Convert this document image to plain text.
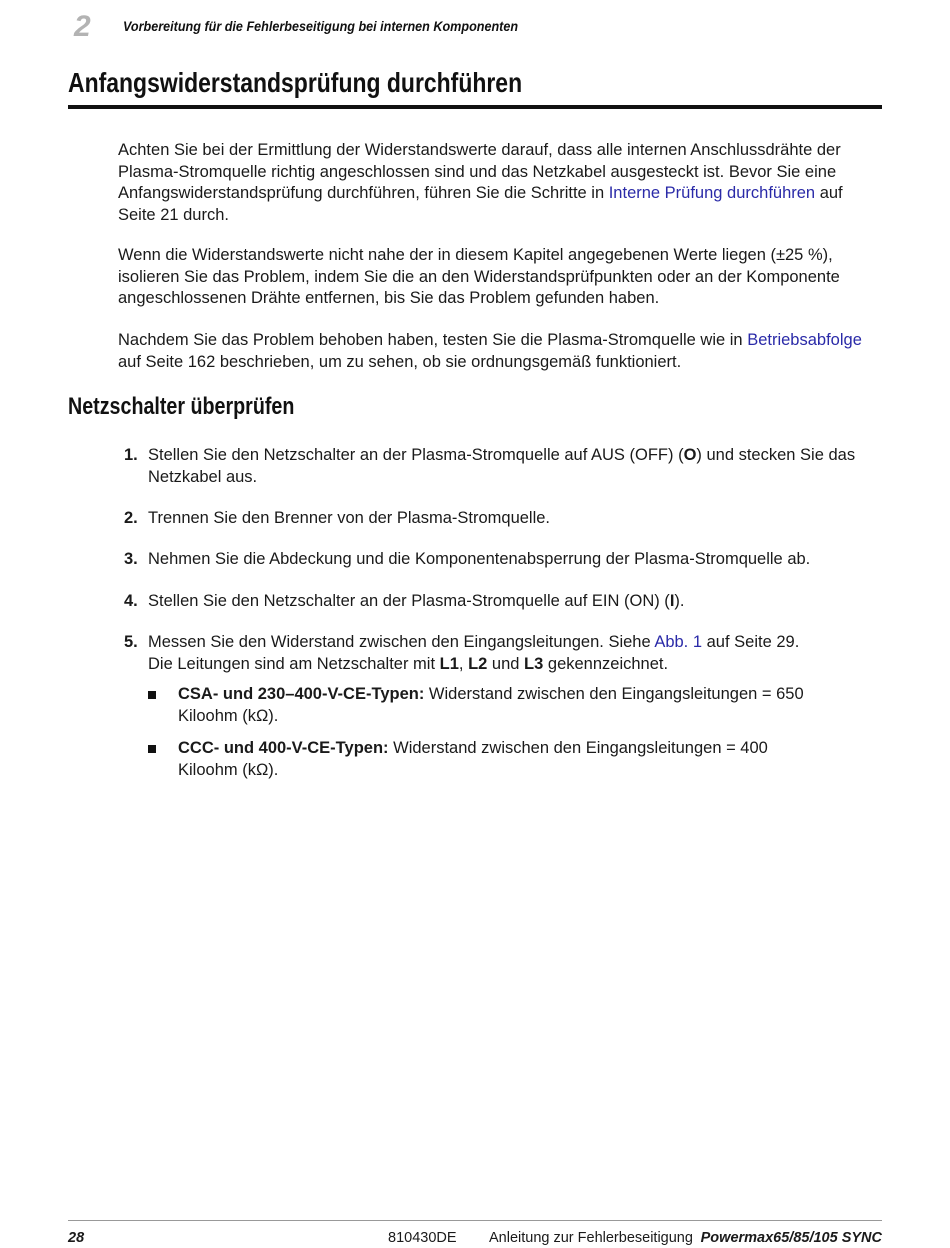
2 Vorbereitung für die Fehlerbeseitigung bei internen Komponenten
Anfangswiderstandsprüfung durchführen

Achten Sie bei der Ermittlung der Widerstandswerte darauf, dass alle internen Anschlussdrähte der Plasma-Stromquelle richtig angeschlossen sind und das Netzkabel ausgesteckt ist. Bevor Sie eine Anfangswiderstandsprüfung durchführen, führen Sie die Schritte in Interne Prüfung durchführen auf Seite 21 durch.

Wenn die Widerstandswerte nicht nahe der in diesem Kapitel angegebenen Werte liegen (±25 %), isolieren Sie das Problem, indem Sie die an den Widerstandsprüfpunkten oder an der Komponente angeschlossenen Drähte entfernen, bis Sie das Problem gefunden haben.

Nachdem Sie das Problem behoben haben, testen Sie die Plasma-Stromquelle wie in Betriebsabfolge auf Seite 162 beschrieben, um zu sehen, ob sie ordnungsgemäß funktioniert.

Netzschalter überprüfen
1. Stellen Sie den Netzschalter an der Plasma-Stromquelle auf AUS (OFF) (O) und stecken Sie das Netzkabel aus.
2. Trennen Sie den Brenner von der Plasma-Stromquelle.
3. Nehmen Sie die Abdeckung und die Komponentenabsperrung der Plasma-Stromquelle ab.
4. Stellen Sie den Netzschalter an der Plasma-Stromquelle auf EIN (ON) (I).
5. Messen Sie den Widerstand zwischen den Eingangsleitungen. Siehe Abb. 1 auf Seite 29.
Die Leitungen sind am Netzschalter mit L1, L2 und L3 gekennzeichnet.
CSA- und 230–400-V-CE-Typen: Widerstand zwischen den Eingangsleitungen = 650 Kiloohm (kΩ).
CCC- und 400-V-CE-Typen: Widerstand zwischen den Eingangsleitungen = 400 Kiloohm (kΩ).
28	810430DE Anleitung zur Fehlerbeseitigung Powermax65/85/105 SYNC
